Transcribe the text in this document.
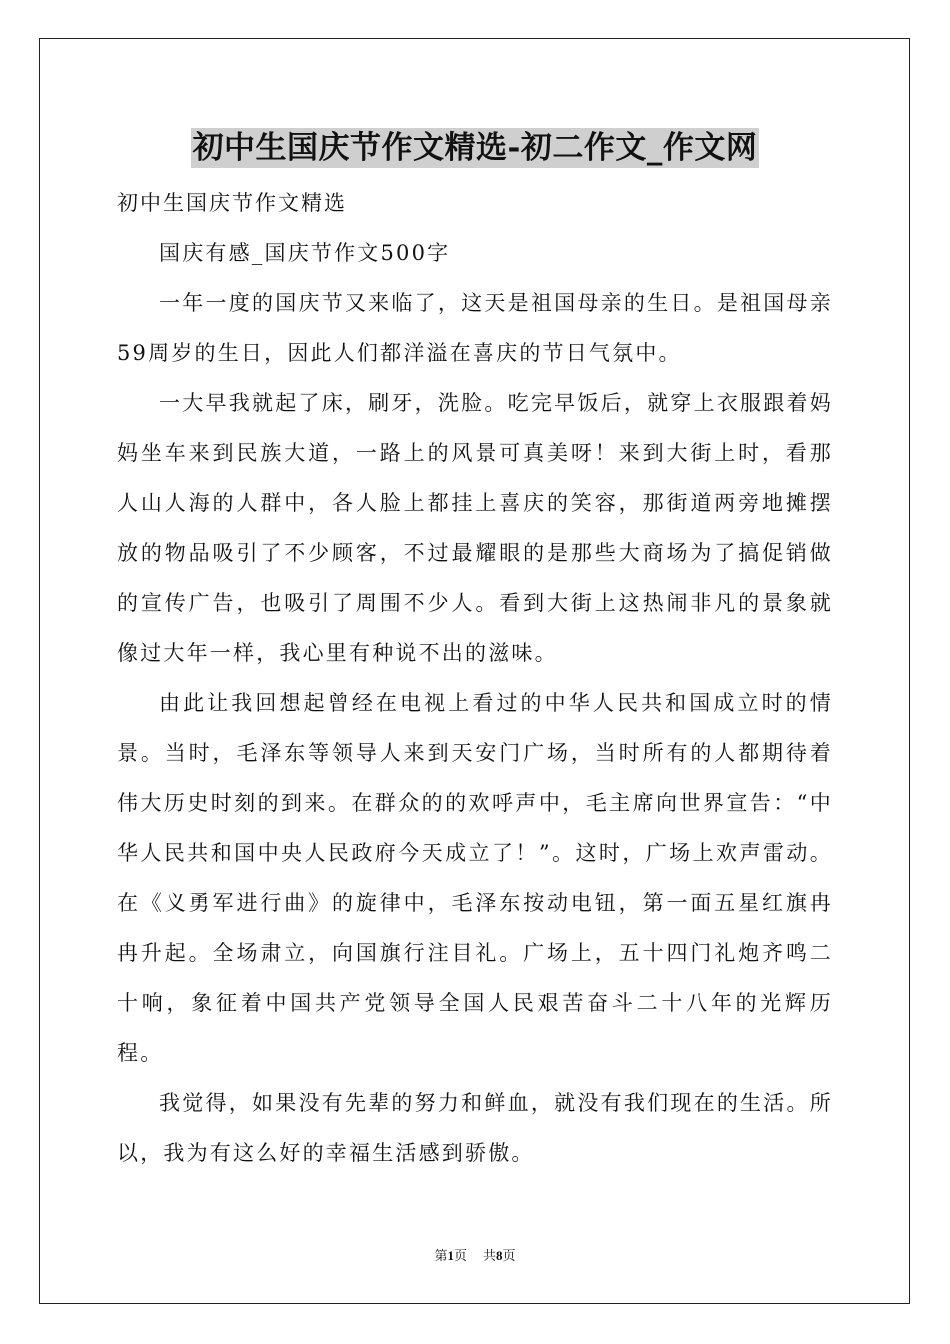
初中生国庆节作文精选-初二作文_作文网

初中生国庆节作文精选

国庆有感_国庆节作文500字

一年一度的国庆节又来临了，这天是祖国母亲的生日。是祖国母亲59周岁的生日，因此人们都洋溢在喜庆的节日气氛中。

一大早我就起了床，刷牙，洗脸。吃完早饭后，就穿上衣服跟着妈妈坐车来到民族大道，一路上的风景可真美呀！来到大街上时，看那人山人海的人群中，各人脸上都挂上喜庆的笑容，那街道两旁地摊摆放的物品吸引了不少顾客，不过最耀眼的是那些大商场为了搞促销做的宣传广告，也吸引了周围不少人。看到大街上这热闹非凡的景象就像过大年一样，我心里有种说不出的滋味。

由此让我回想起曾经在电视上看过的中华人民共和国成立时的情景。当时，毛泽东等领导人来到天安门广场，当时所有的人都期待着伟大历史时刻的到来。在群众的的欢呼声中，毛主席向世界宣告：“中华人民共和国中央人民政府今天成立了！”。这时，广场上欢声雷动。在《义勇军进行曲》的旋律中，毛泽东按动电钮，第一面五星红旗冉冉升起。全场肃立，向国旗行注目礼。广场上，五十四门礼炮齐鸣二十响，象征着中国共产党领导全国人民艰苦奋斗二十八年的光辉历程。

我觉得，如果没有先辈的努力和鲜血，就没有我们现在的生活。所以，我为有这么好的幸福生活感到骄傲。

第1页 共8页
